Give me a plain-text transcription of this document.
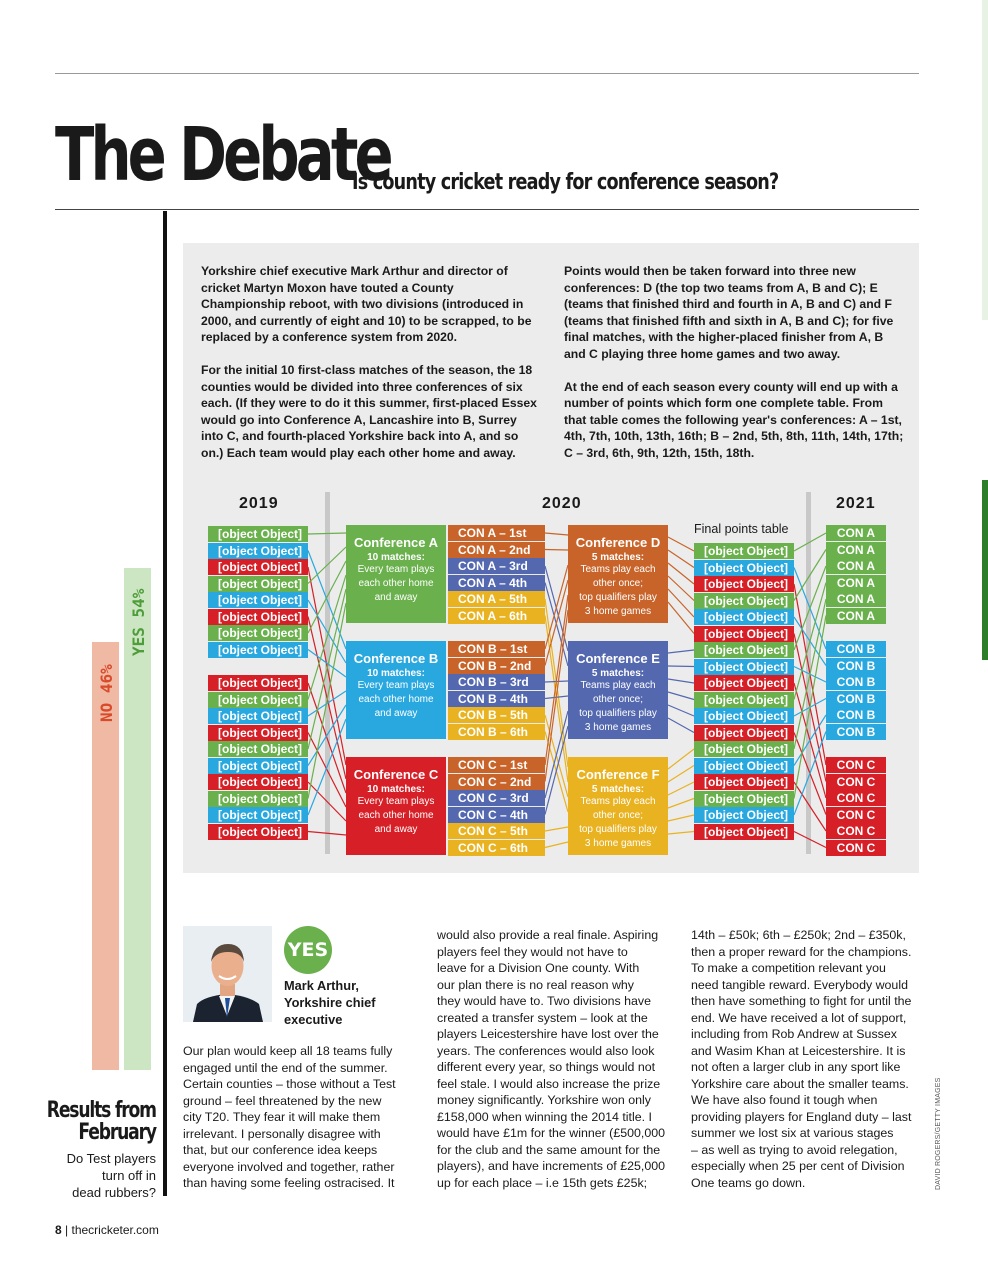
The Debate
Is county cricket ready for conference season?

Yorkshire chief executive Mark Arthur and director of cricket Martyn Moxon have touted a County Championship reboot, with two divisions (introduced in 2000, and currently of eight and 10) to be scrapped, to be replaced by a conference system from 2020.

For the initial 10 first-class matches of the season, the 18 counties would be divided into three conferences of six each. (If they were to do it this summer, first-placed Essex would go into Conference A, Lancashire into B, Surrey into C, and fourth-placed Yorkshire back into A, and so on.) Each team would play each other home and away.

Points would then be taken forward into three new conferences: D (the top two teams from A, B and C); E (teams that finished third and fourth in A, B and C) and F (teams that finished fifth and sixth in A, B and C); for five final matches, with the higher-placed finisher from A, B and C playing three home games and two away.

At the end of each season every county will end up with a number of points which form one complete table. From that table comes the following year's conferences: A – 1st, 4th, 7th, 10th, 13th, 16th; B – 2nd, 5th, 8th, 11th, 14th, 17th; C – 3rd, 6th, 9th, 12th, 15th, 18th.

2019	2020	2021
[object Object]
[object Object]
[object Object]
[object Object]
[object Object]
[object Object]
[object Object]
[object Object]
[object Object]
[object Object]
[object Object]
[object Object]
[object Object]
[object Object]
[object Object]
[object Object]
[object Object]
[object Object]
Conference A
10 matches:
Every team plays
each other home
and away
Conference B
10 matches:
Every team plays
each other home
and away
Conference C
10 matches:
Every team plays
each other home
and away
CON A – 1st
CON A – 2nd
CON A – 3rd
CON A – 4th
CON A – 5th
CON A – 6th
CON B – 1st
CON B – 2nd
CON B – 3rd
CON B – 4th
CON B – 5th
CON B – 6th
CON C – 1st
CON C – 2nd
CON C – 3rd
CON C – 4th
CON C – 5th
CON C – 6th
Conference D
5 matches:
Teams play each
other once;
top qualifiers play
3 home games
Conference E
5 matches:
Teams play each
other once;
top qualifiers play
3 home games
Conference F
5 matches:
Teams play each
other once;
top qualifiers play
3 home games
[object Object]
[object Object]
[object Object]
[object Object]
[object Object]
[object Object]
[object Object]
[object Object]
[object Object]
[object Object]
[object Object]
[object Object]
[object Object]
[object Object]
[object Object]
[object Object]
[object Object]
[object Object]
CON A
CON A
CON A
CON A
CON A
CON A
CON B
CON B
CON B
CON B
CON B
CON B
CON C
CON C
CON C
CON C
CON C
CON C
Final points table
NO 46%
YES 54%
Results from
February
Do Test players
turn off in
dead rubbers?
YES
Mark Arthur,
Yorkshire chief
executive
Our plan would keep all 18 teams fully
engaged until the end of the summer.
Certain counties – those without a Test
ground – feel threatened by the new
city T20. They fear it will make them
irrelevant. I personally disagree with
that, but our conference idea keeps
everyone involved and together, rather
than having some feeling ostracised. It
would also provide a real finale. Aspiring
players feel they would not have to
leave for a Division One county. With
our plan there is no real reason why
they would have to. Two divisions have
created a transfer system – look at the
players Leicestershire have lost over the
years. The conferences would also look
different every year, so things would not
feel stale. I would also increase the prize
money significantly. Yorkshire won only
£158,000 when winning the 2014 title. I
would have £1m for the winner (£500,000
for the club and the same amount for the
players), and have increments of £25,000
up for each place – i.e 15th gets £25k;
14th – £50k; 6th – £250k; 2nd – £350k,
then a proper reward for the champions.
To make a competition relevant you
need tangible reward. Everybody would
then have something to fight for until the
end. We have received a lot of support,
including from Rob Andrew at Sussex
and Wasim Khan at Leicestershire. It is
not often a larger club in any sport like
Yorkshire care about the smaller teams.
We have also found it tough when
providing players for England duty – last
summer we lost six at various stages
– as well as trying to avoid relegation,
especially when 25 per cent of Division
One teams go down.	DAVID ROGERS/GETTY IMAGES
8 | thecricketer.com
